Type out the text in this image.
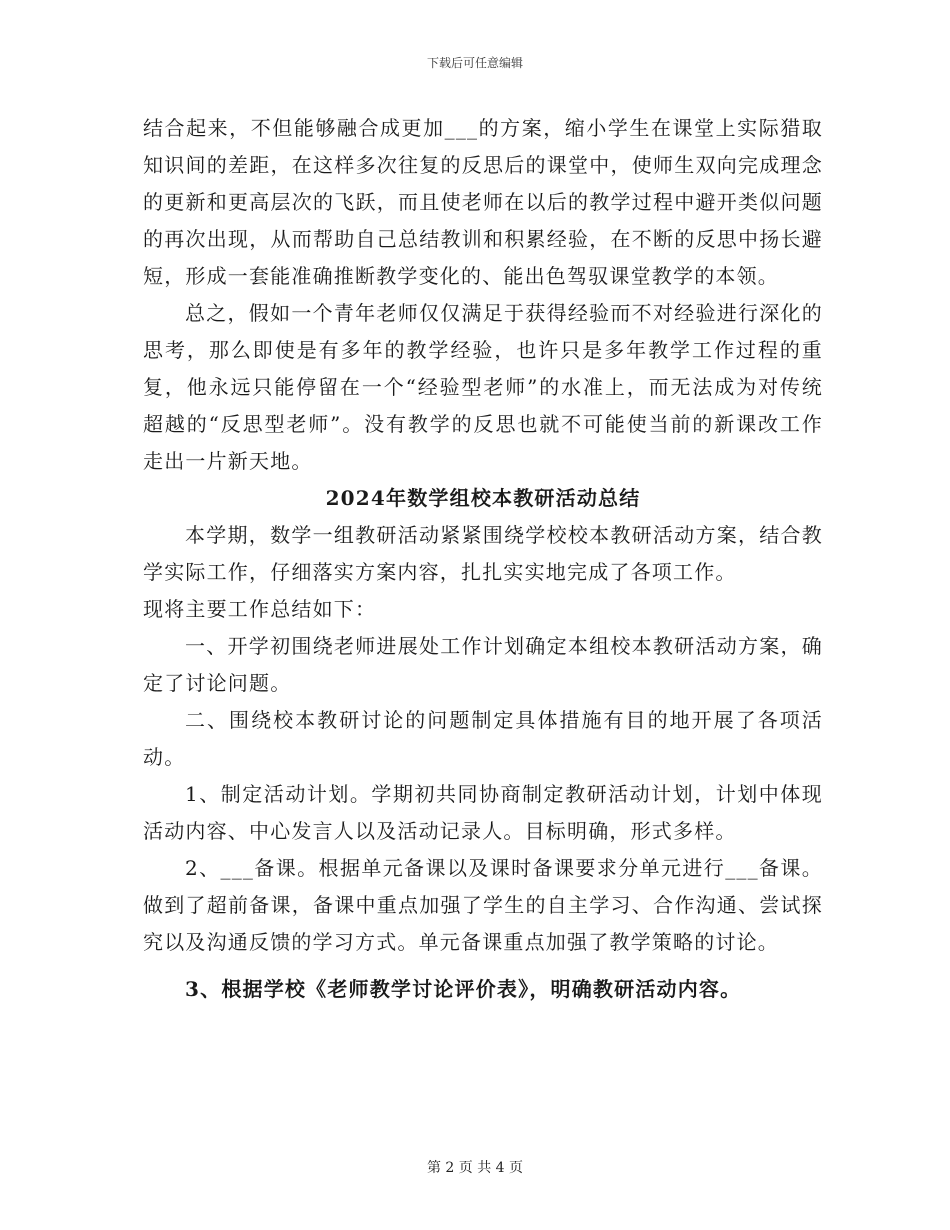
下载后可任意编辑

结合起来，不但能够融合成更加___的方案，缩小学生在课堂上实际猎取知识间的差距，在这样多次往复的反思后的课堂中，使师生双向完成理念的更新和更高层次的飞跃，而且使老师在以后的教学过程中避开类似问题的再次出现，从而帮助自己总结教训和积累经验，在不断的反思中扬长避短，形成一套能准确推断教学变化的、能出色驾驭课堂教学的本领。

总之，假如一个青年老师仅仅满足于获得经验而不对经验进行深化的思考，那么即使是有多年的教学经验，也许只是多年教学工作过程的重复，他永远只能停留在一个“经验型老师”的水准上，而无法成为对传统超越的“反思型老师”。没有教学的反思也就不可能使当前的新课改工作走出一片新天地。

2024年数学组校本教研活动总结

本学期，数学一组教研活动紧紧围绕学校校本教研活动方案，结合教学实际工作，仔细落实方案内容，扎扎实实地完成了各项工作。

现将主要工作总结如下：

一、开学初围绕老师进展处工作计划确定本组校本教研活动方案，确定了讨论问题。

二、围绕校本教研讨论的问题制定具体措施有目的地开展了各项活动。

1、制定活动计划。学期初共同协商制定教研活动计划，计划中体现活动内容、中心发言人以及活动记录人。目标明确，形式多样。

2、___备课。根据单元备课以及课时备课要求分单元进行___备课。做到了超前备课，备课中重点加强了学生的自主学习、合作沟通、尝试探究以及沟通反馈的学习方式。单元备课重点加强了教学策略的讨论。

3、根据学校《老师教学讨论评价表》，明确教研活动内容。

第 2 页 共 4 页
